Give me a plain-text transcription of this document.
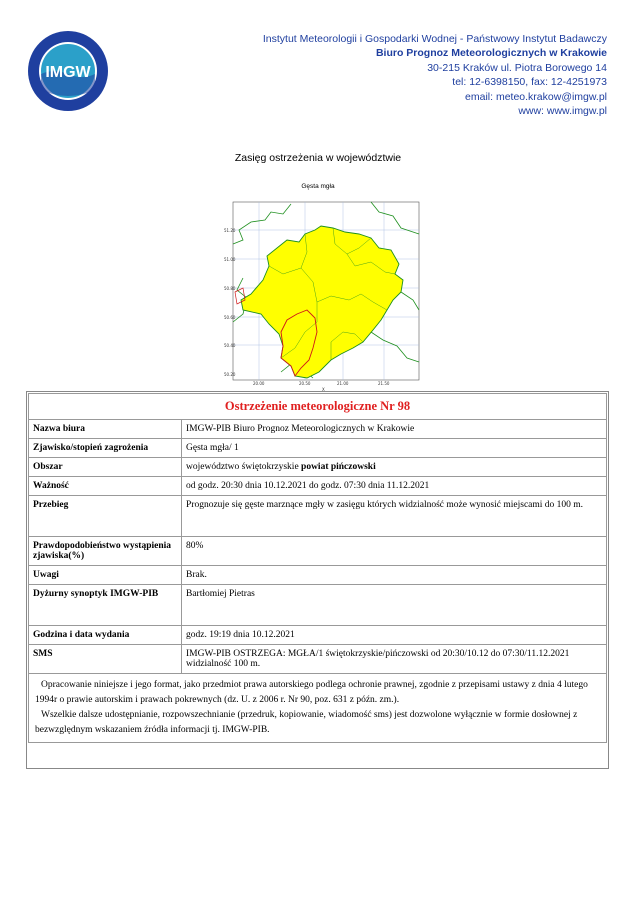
IMGW
Instytut Meteorologii i Gospodarki Wodnej - Państwowy Instytut Badawczy
Biuro Prognoz Meteorologicznych w Krakowie
30-215 Kraków ul. Piotra Borowego 14
tel: 12-6398150, fax: 12-4251973
email: meteo.krakow@imgw.pl
www: www.imgw.pl
Zasięg ostrzeżenia w województwie
Gęsta mgła
51.20
51.00
50.80
50.60
50.40
50.20
20.00	20.50	21.00	21.50
X
Ostrzeżenie meteorologiczne Nr 98	
Nazwa biura	IMGW-PIB Biuro Prognoz Meteorologicznych w Krakowie
Zjawisko/stopień zagrożenia	Gęsta mgła/ 1
Obszar	województwo świętokrzyskie powiat pińczowski
Ważność	od godz. 20:30 dnia 10.12.2021 do godz. 07:30 dnia 11.12.2021
Przebieg	Prognozuje się gęste marznące mgły w zasięgu których widzialność może wynosić miejscami do 100 m.
Prawdopodobieństwo wystąpienia zjawiska(%)	80%
Uwagi	Brak.
Dyżurny synoptyk IMGW-PIB	Bartłomiej Pietras
Godzina i data wydania	godz. 19:19 dnia 10.12.2021
SMS	IMGW-PIB OSTRZEGA: MGŁA/1 świętokrzyskie/pińczowski od 20:30/10.12 do 07:30/11.12.2021 widzialność 100 m.

Opracowanie niniejsze i jego format, jako przedmiot prawa autorskiego podlega ochronie prawnej, zgodnie z przepisami ustawy z dnia 4 lutego 1994r o prawie autorskim i prawach pokrewnych (dz. U. z 2006 r. Nr 90, poz. 631 z późn. zm.).
Wszelkie dalsze udostępnianie, rozpowszechnianie (przedruk, kopiowanie, wiadomość sms) jest dozwolone wyłącznie w formie dosłownej z bezwzględnym wskazaniem źródła informacji tj. IMGW-PIB.	
